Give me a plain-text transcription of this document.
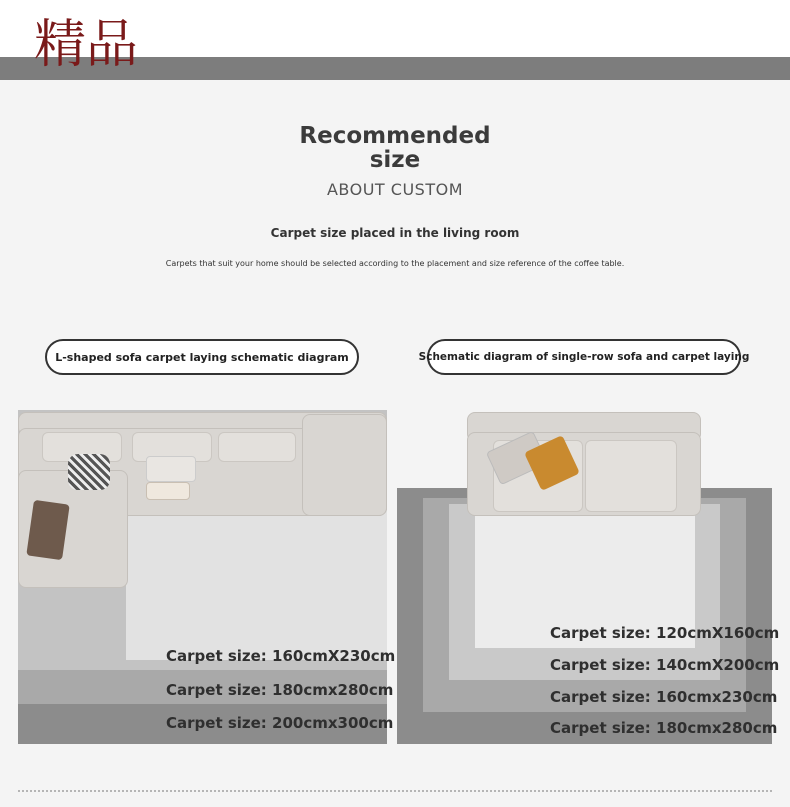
精品
Recommended
size
ABOUT CUSTOM
Carpet size placed in the living room
Carpets that suit your home should be selected according to the placement and size reference of the coffee table.
L-shaped sofa carpet laying schematic diagram	Schematic diagram of single-row sofa and carpet laying
Carpet size: 160cmX230cm
Carpet size: 180cmx280cm
Carpet size: 200cmx300cm
Carpet size: 120cmX160cm
Carpet size: 140cmX200cm
Carpet size: 160cmx230cm
Carpet size: 180cmx280cm
